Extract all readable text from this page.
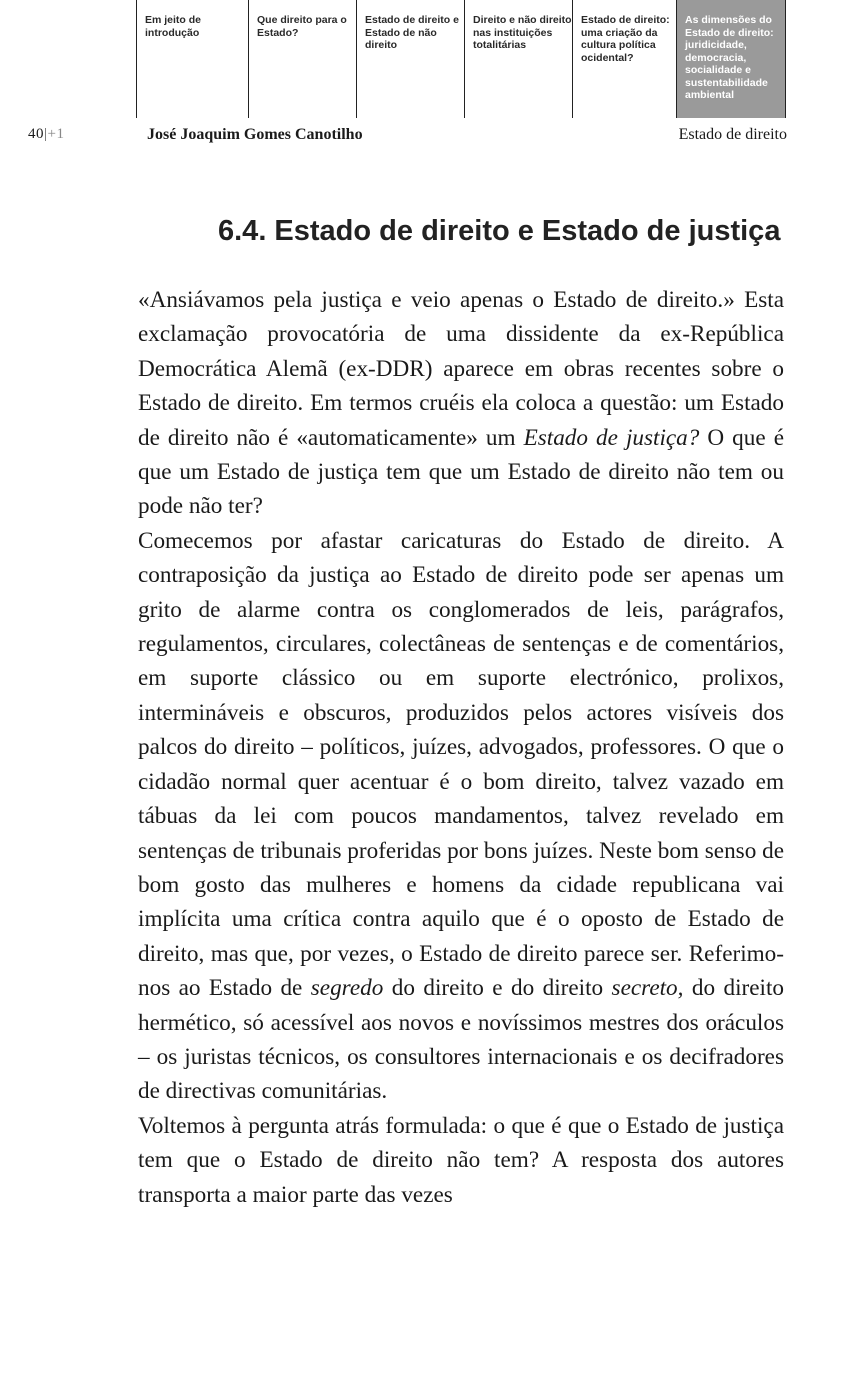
Em jeito de introdução
Que direito para o Estado?
Estado de direito e Estado de não direito
Direito e não direito nas instituições totalitárias
Estado de direito: uma criação da cultura política ocidental?
As dimensões do Estado de direito: juridicidade, democracia, socialidade e sustentabilidade ambiental
40|+1	José Joaquim Gomes Canotilho	Estado de direito
6.4. Estado de direito e Estado de justiça

«Ansiávamos pela justiça e veio apenas o Estado de direito.» Esta exclamação provocatória de uma dissidente da ex-República Democrática Alemã (ex-DDR) aparece em obras recentes sobre o Estado de direito. Em termos cruéis ela coloca a questão: um Estado de direito não é «automaticamente» um Estado de justiça? O que é que um Estado de justiça tem que um Estado de direito não tem ou pode não ter?

Comecemos por afastar caricaturas do Estado de direito. A contraposição da justiça ao Estado de direito pode ser apenas um grito de alarme contra os conglomerados de leis, parágrafos, regulamentos, circulares, colectâneas de sentenças e de comentários, em suporte clássico ou em suporte electrónico, prolixos, intermináveis e obscuros, produzidos pelos actores visíveis dos palcos do direito – políticos, juízes, advogados, professores. O que o cidadão normal quer acentuar é o bom direito, talvez vazado em tábuas da lei com poucos mandamentos, talvez revelado em sentenças de tribunais proferidas por bons juízes. Neste bom senso de bom gosto das mulheres e homens da cidade republicana vai implícita uma crítica contra aquilo que é o oposto de Estado de direito, mas que, por vezes, o Estado de direito parece ser. Referimo-nos ao Estado de segredo do direito e do direito secreto, do direito hermético, só acessível aos novos e novíssimos mestres dos oráculos – os juristas técnicos, os consultores internacionais e os decifradores de directivas comunitárias.

Voltemos à pergunta atrás formulada: o que é que o Estado de justiça tem que o Estado de direito não tem? A resposta dos autores transporta a maior parte das vezes
